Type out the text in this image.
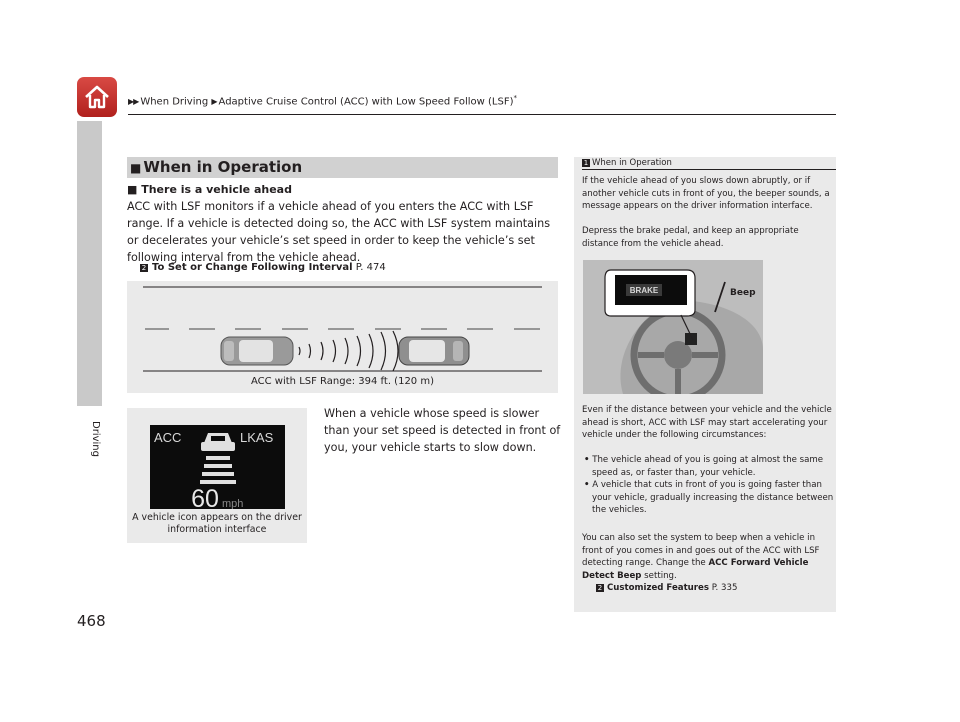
▶▶ When Driving ▶ Adaptive Cruise Control (ACC) with Low Speed Follow (LSF)*
Driving
468
■ When in Operation
■ There is a vehicle ahead
ACC with LSF monitors if a vehicle ahead of you enters the ACC with LSF range. If a vehicle is detected doing so, the ACC with LSF system maintains or decelerates your vehicle’s set speed in order to keep the vehicle’s set following interval from the vehicle ahead.
2 To Set or Change Following Interval P. 474
ACC with LSF Range: 394 ft. (120 m)
ACC	LKAS
60 mph
A vehicle icon appears on the driver information interface
When a vehicle whose speed is slower than your set speed is detected in front of you, your vehicle starts to slow down.
1 When in Operation
If the vehicle ahead of you slows down abruptly, or if another vehicle cuts in front of you, the beeper sounds, a message appears on the driver information interface.
Depress the brake pedal, and keep an appropriate distance from the vehicle ahead.
BRAKE	Beep
Even if the distance between your vehicle and the vehicle ahead is short, ACC with LSF may start accelerating your vehicle under the following circumstances:
• The vehicle ahead of you is going at almost the same speed as, or faster than, your vehicle.
• A vehicle that cuts in front of you is going faster than your vehicle, gradually increasing the distance between the vehicles.
You can also set the system to beep when a vehicle in front of you comes in and goes out of the ACC with LSF detecting range. Change the ACC Forward Vehicle Detect Beep setting.
2 Customized Features P. 335
